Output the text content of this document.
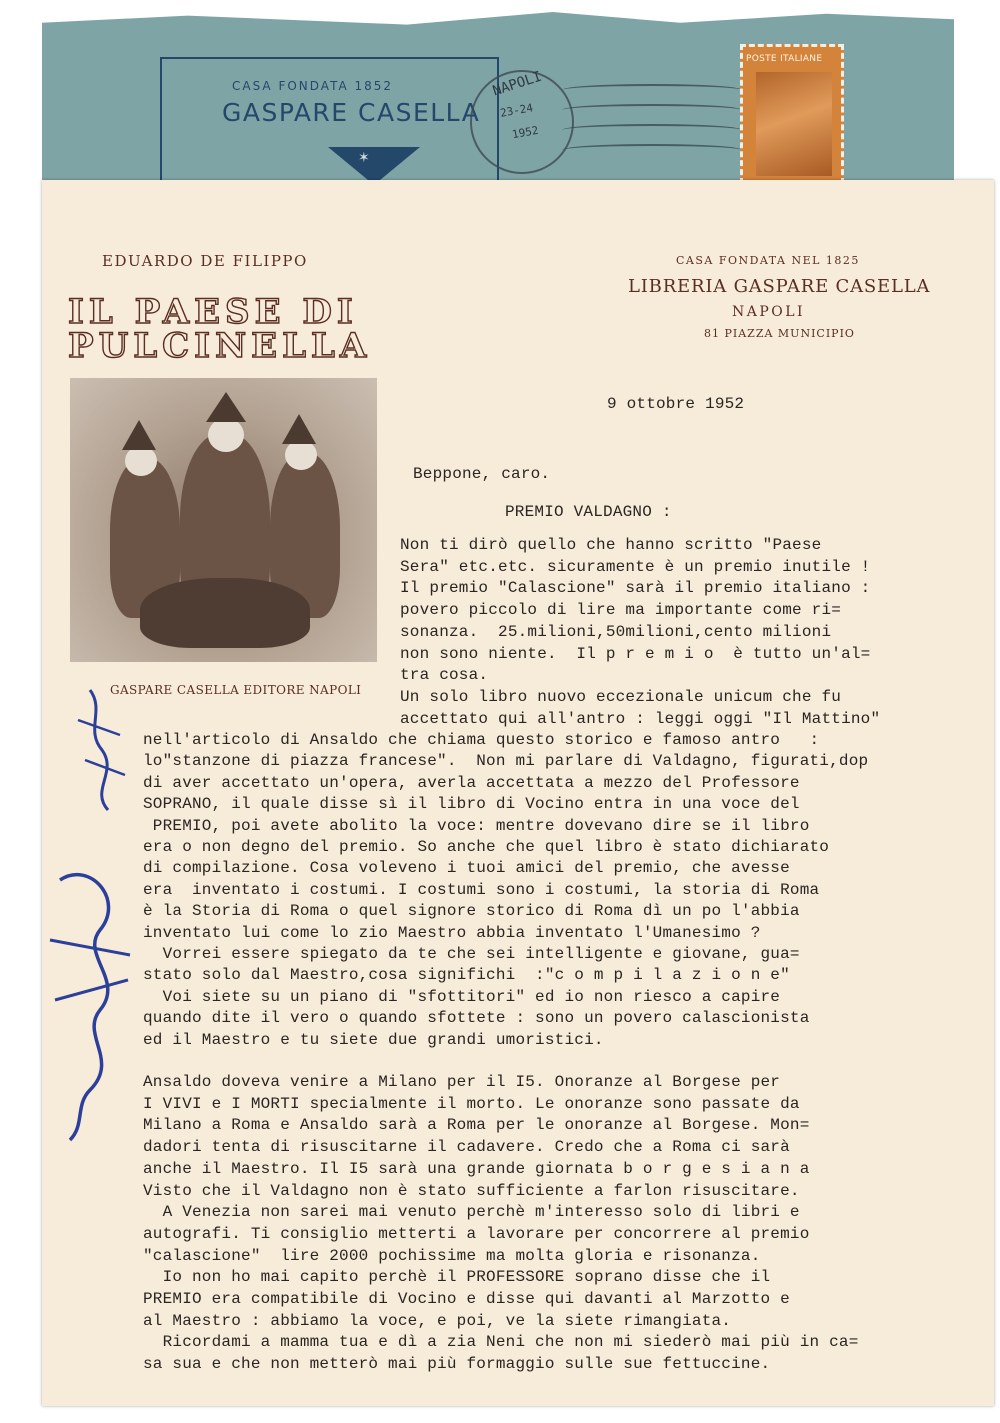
CASA FONDATA 1852
GASPARE CASELLA
✶
NAPOLI
23-24
1952
POSTE ITALIANE
EDUARDO DE FILIPPO
IL PAESE DI
PULCINELLA
GASPARE CASELLA EDITORE NAPOLI
CASA FONDATA NEL 1825
LIBRERIA GASPARE CASELLA
NAPOLI
81 PIAZZA MUNICIPIO
9 ottobre 1952
Beppone, caro.
PREMIO VALDAGNO :
Non ti dirò quello che hanno scritto "Paese
Sera" etc.etc. sicuramente è un premio inutile !
Il premio "Calascione" sarà il premio italiano :
povero piccolo di lire ma importante come ri=
sonanza.  25.milioni,50milioni,cento milioni
non sono niente.  Il p r e m i o  è tutto un'al=
tra cosa.
Un solo libro nuovo eccezionale unicum che fu
accettato qui all'antro : leggi oggi "Il Mattino"
nell'articolo di Ansaldo che chiama questo storico e famoso antro   :
lo"stanzone di piazza francese".  Non mi parlare di Valdagno, figurati,dop
di aver accettato un'opera, averla accettata a mezzo del Professore
SOPRANO, il quale disse sì il libro di Vocino entra in una voce del
PREMIO, poi avete abolito la voce: mentre dovevano dire se il libro
era o non degno del premio. So anche che quel libro è stato dichiarato
di compilazione. Cosa voleveno i tuoi amici del premio, che avesse
era  inventato i costumi. I costumi sono i costumi, la storia di Roma
è la Storia di Roma o quel signore storico di Roma dì un po l'abbia
inventato lui come lo zio Maestro abbia inventato l'Umanesimo ?
Vorrei essere spiegato da te che sei intelligente e giovane, gua=
stato solo dal Maestro,cosa significhi  :"c o m p i l a z i o n e"
Voi siete su un piano di "sfottitori" ed io non riesco a capire
quando dite il vero o quando sfottete : sono un povero calascionista
ed il Maestro e tu siete due grandi umoristici.
Ansaldo doveva venire a Milano per il I5. Onoranze al Borgese per
I VIVI e I MORTI specialmente il morto. Le onoranze sono passate da
Milano a Roma e Ansaldo sarà a Roma per le onoranze al Borgese. Mon=
dadori tenta di risuscitarne il cadavere. Credo che a Roma ci sarà
anche il Maestro. Il I5 sarà una grande giornata b o r g e s i a n a
Visto che il Valdagno non è stato sufficiente a farlon risuscitare.
A Venezia non sarei mai venuto perchè m'interesso solo di libri e
autografi. Ti consiglio metterti a lavorare per concorrere al premio
"calascione"  lire 2000 pochissime ma molta gloria e risonanza.
Io non ho mai capito perchè il PROFESSORE soprano disse che il
PREMIO era compatibile di Vocino e disse qui davanti al Marzotto e
al Maestro : abbiamo la voce, e poi, ve la siete rimangiata.
Ricordami a mamma tua e dì a zia Neni che non mi siederò mai più in ca=
sa sua e che non metterò mai più formaggio sulle sue fettuccine.
